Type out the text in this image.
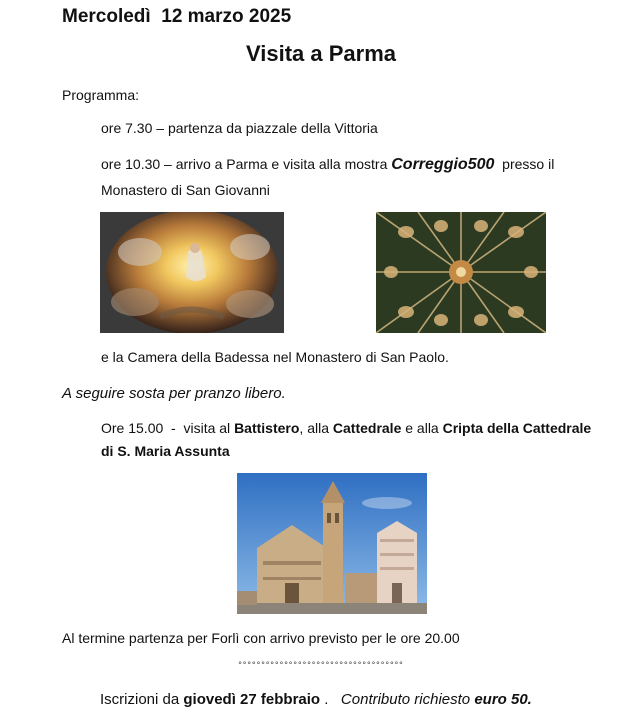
Mercoledì  12 marzo 2025
Visita a Parma
Programma:
ore 7.30 – partenza da piazzale della Vittoria
ore 10.30 – arrivo a Parma e visita alla mostra Correggio500  presso il
Monastero di San Giovanni
e la Camera della Badessa nel Monastero di San Paolo.
A seguire sosta per pranzo libero.
Ore 15.00  -  visita al Battistero, alla Cattedrale e alla Cripta della Cattedrale
di S. Maria Assunta
Al termine partenza per Forlì con arrivo previsto per le ore 20.00
°°°°°°°°°°°°°°°°°°°°°°°°°°°°°°°°°°°°
Iscrizioni da giovedì 27 febbraio .   Contributo richiesto euro 50.
